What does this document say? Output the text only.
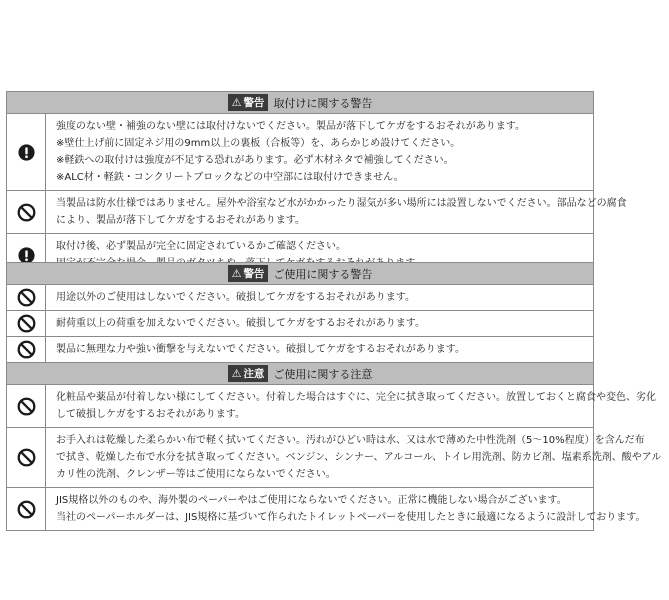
⚠ 警告 取付けに関する警告
強度のない壁・補強のない壁には取付けないでください。製品が落下してケガをするおそれがあります。
※壁仕上げ前に固定ネジ用の9mm以上の裏板（合板等）を、あらかじめ設けてください。
※軽鉄への取付けは強度が不足する恐れがあります。必ず木材ネタで補強してください。
※ALC材・軽鉄・コンクリートブロックなどの中空部には取付けできません。
当製品は防水仕様ではありません。屋外や浴室など水がかかったり湿気が多い場所には設置しないでください。部品などの腐食
により、製品が落下してケガをするおそれがあります。
取付け後、必ず製品が完全に固定されているかご確認ください。
⚠ 警告 ご使用に関する警告
用途以外のご使用はしないでください。破損してケガをするおそれがあります。
耐荷重以上の荷重を加えないでください。破損してケガをするおそれがあります。
製品に無理な力や強い衝撃を与えないでください。破損してケガをするおそれがあります。
⚠ 注意 ご使用に関する注意
化粧品や薬品が付着しない様にしてください。付着した場合はすぐに、完全に拭き取ってください。放置しておくと腐食や変色、劣化
して破損しケガをするおそれがあります。
お手入れは乾燥した柔らかい布で軽く拭いてください。汚れがひどい時は水、又は水で薄めた中性洗剤（5～10%程度）を含んだ布
で拭き、乾燥した布で水分を拭き取ってください。ベンジン、シンナー、アルコール、トイレ用洗剤、防カビ剤、塩素系洗剤、酸やアル
カリ性の洗剤、クレンザー等はご使用にならないでください。
JIS規格以外のものや、海外製のペーパーやはご使用にならないでください。正常に機能しない場合がございます。
当社のペーパーホルダーは、JIS規格に基づいて作られたトイレットペーパーを使用したときに最適になるように設計しております。
